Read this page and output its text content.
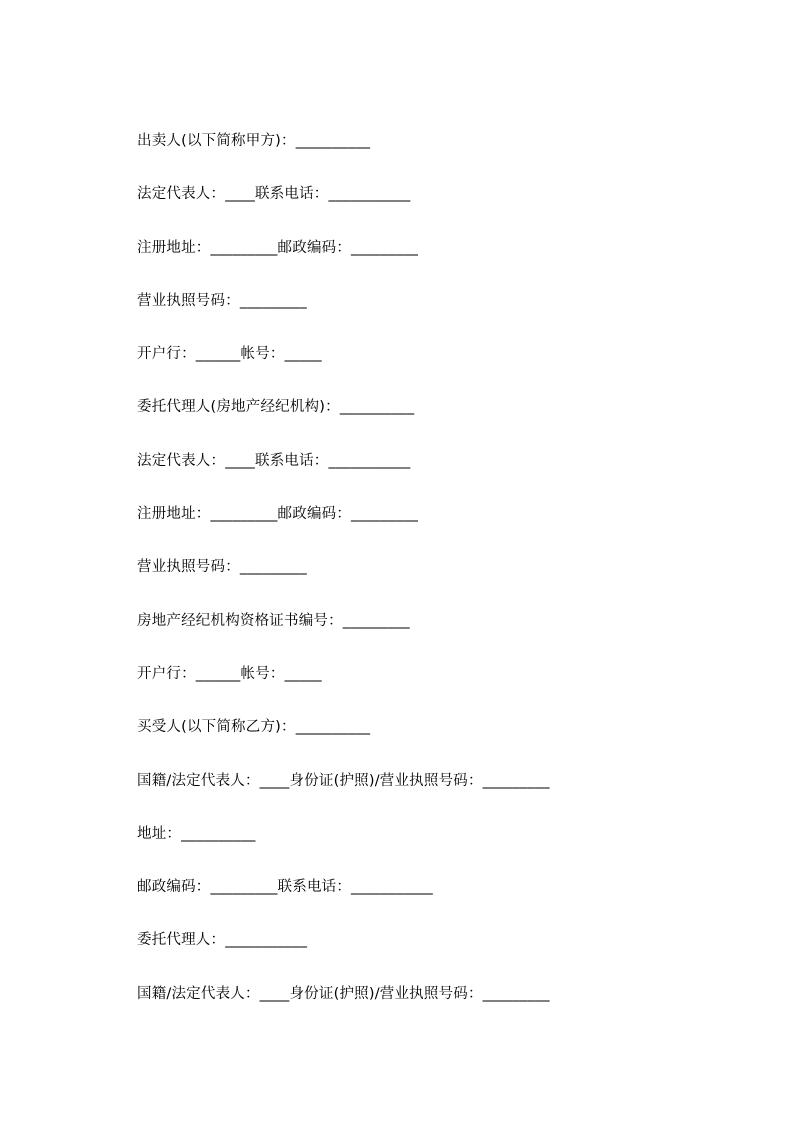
出卖人(以下简称甲方)：__________
法定代表人：____联系电话：___________
注册地址：_________邮政编码：_________
营业执照号码：_________
开户行：______帐号：_____
委托代理人(房地产经纪机构)：__________
法定代表人：____联系电话：___________
注册地址：_________邮政编码：_________
营业执照号码：_________
房地产经纪机构资格证书编号：_________
开户行：______帐号：_____
买受人(以下简称乙方)：__________
国籍/法定代表人：____身份证(护照)/营业执照号码：_________
地址：__________
邮政编码：_________联系电话：___________
委托代理人：___________
国籍/法定代表人：____身份证(护照)/营业执照号码：_________
